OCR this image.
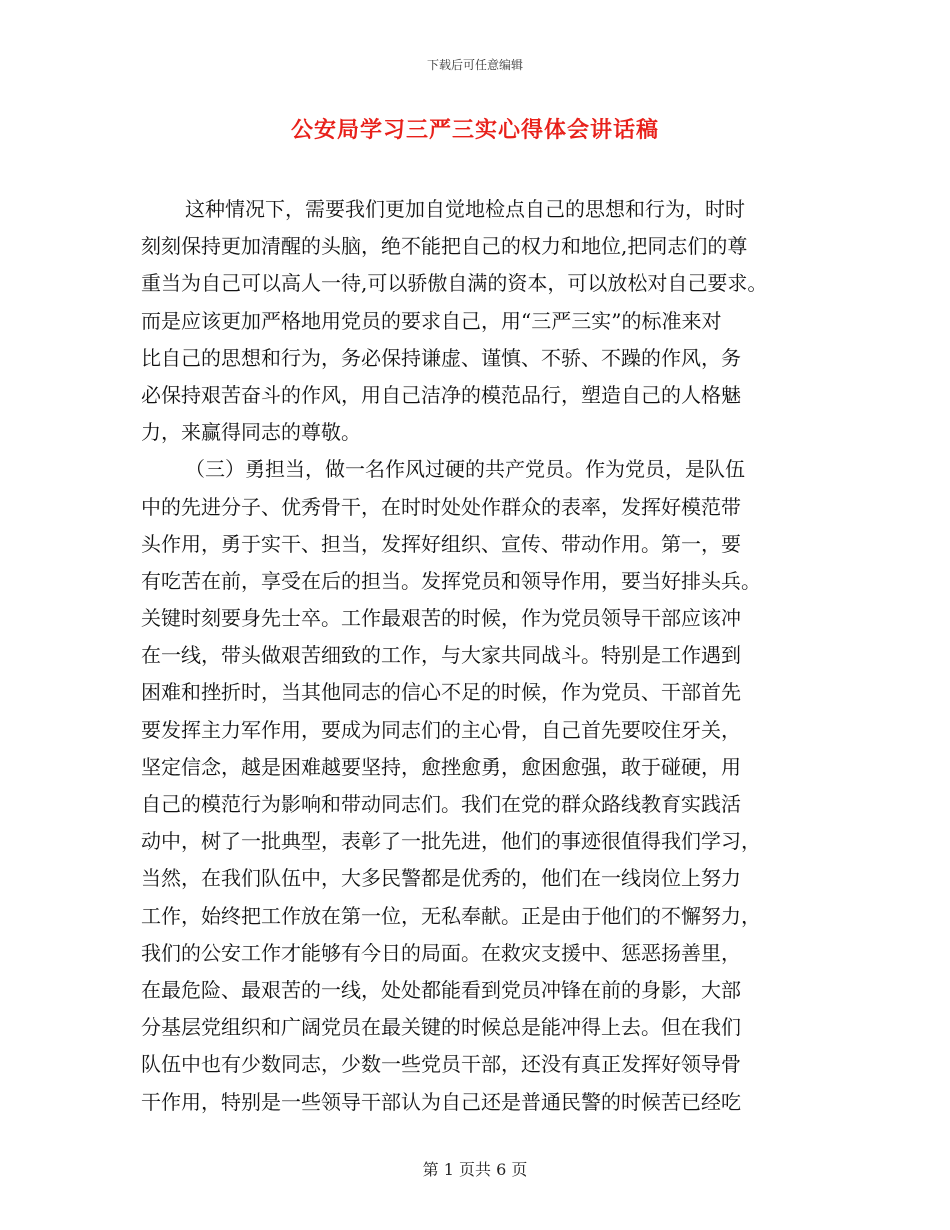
下载后可任意编辑
公安局学习三严三实心得体会讲话稿
这种情况下，需要我们更加自觉地检点自己的思想和行为，时时
刻刻保持更加清醒的头脑，绝不能把自己的权力和地位,把同志们的尊
重当为自己可以高人一待,可以骄傲自满的资本，可以放松对自己要求。
而是应该更加严格地用党员的要求自己，用“三严三实”的标准来对
比自己的思想和行为，务必保持谦虚、谨慎、不骄、不躁的作风，务
必保持艰苦奋斗的作风，用自己洁净的模范品行，塑造自己的人格魅
力，来赢得同志的尊敬。
（三）勇担当，做一名作风过硬的共产党员。作为党员，是队伍
中的先进分子、优秀骨干，在时时处处作群众的表率，发挥好模范带
头作用，勇于实干、担当，发挥好组织、宣传、带动作用。第一，要
有吃苦在前，享受在后的担当。发挥党员和领导作用，要当好排头兵。
关键时刻要身先士卒。工作最艰苦的时候，作为党员领导干部应该冲
在一线，带头做艰苦细致的工作，与大家共同战斗。特别是工作遇到
困难和挫折时，当其他同志的信心不足的时候，作为党员、干部首先
要发挥主力军作用，要成为同志们的主心骨，自己首先要咬住牙关，
坚定信念，越是困难越要坚持，愈挫愈勇，愈困愈强，敢于碰硬，用
自己的模范行为影响和带动同志们。我们在党的群众路线教育实践活
动中，树了一批典型，表彰了一批先进，他们的事迹很值得我们学习，
当然，在我们队伍中，大多民警都是优秀的，他们在一线岗位上努力
工作，始终把工作放在第一位，无私奉献。正是由于他们的不懈努力，
我们的公安工作才能够有今日的局面。在救灾支援中、惩恶扬善里，
在最危险、最艰苦的一线，处处都能看到党员冲锋在前的身影，大部
分基层党组织和广阔党员在最关键的时候总是能冲得上去。但在我们
队伍中也有少数同志，少数一些党员干部，还没有真正发挥好领导骨
干作用，特别是一些领导干部认为自己还是普通民警的时候苦已经吃
第 1 页共 6 页
